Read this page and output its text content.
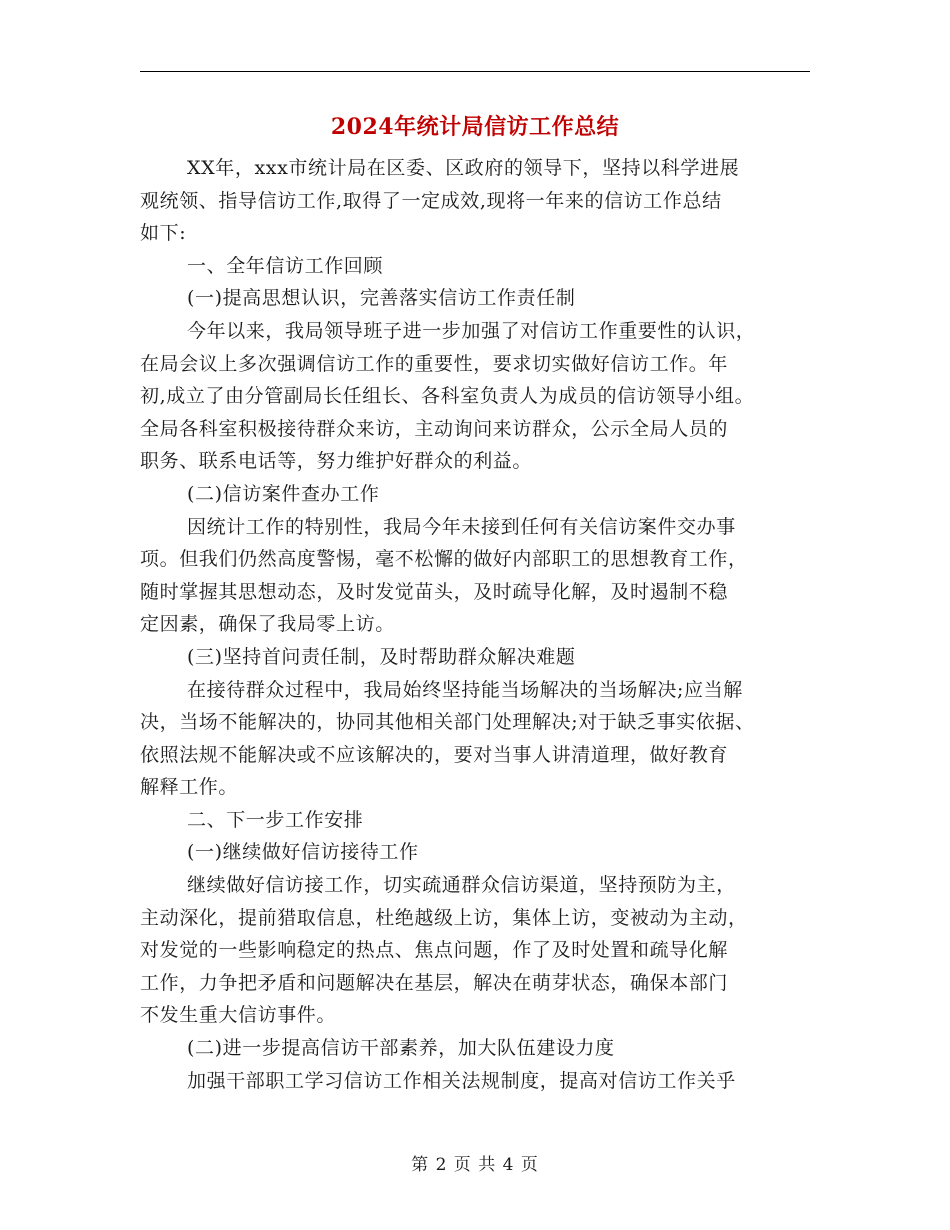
2024年统计局信访工作总结
XX年，xxx市统计局在区委、区政府的领导下，坚持以科学进展
观统领、指导信访工作,取得了一定成效,现将一年来的信访工作总结
如下:
一、全年信访工作回顾
(一)提高思想认识，完善落实信访工作责任制
今年以来，我局领导班子进一步加强了对信访工作重要性的认识，
在局会议上多次强调信访工作的重要性，要求切实做好信访工作。年
初,成立了由分管副局长任组长、各科室负责人为成员的信访领导小组。
全局各科室积极接待群众来访，主动询问来访群众，公示全局人员的
职务、联系电话等，努力维护好群众的利益。
(二)信访案件查办工作
因统计工作的特别性，我局今年未接到任何有关信访案件交办事
项。但我们仍然高度警惕，毫不松懈的做好内部职工的思想教育工作，
随时掌握其思想动态，及时发觉苗头，及时疏导化解，及时遏制不稳
定因素，确保了我局零上访。
(三)坚持首问责任制，及时帮助群众解决难题
在接待群众过程中，我局始终坚持能当场解决的当场解决;应当解
决，当场不能解决的，协同其他相关部门处理解决;对于缺乏事实依据、
依照法规不能解决或不应该解决的，要对当事人讲清道理，做好教育
解释工作。
二、下一步工作安排
(一)继续做好信访接待工作
继续做好信访接工作，切实疏通群众信访渠道，坚持预防为主，
主动深化，提前猎取信息，杜绝越级上访，集体上访，变被动为主动，
对发觉的一些影响稳定的热点、焦点问题，作了及时处置和疏导化解
工作，力争把矛盾和问题解决在基层，解决在萌芽状态，确保本部门
不发生重大信访事件。
(二)进一步提高信访干部素养，加大队伍建设力度
加强干部职工学习信访工作相关法规制度，提高对信访工作关乎
第 2 页 共 4 页
